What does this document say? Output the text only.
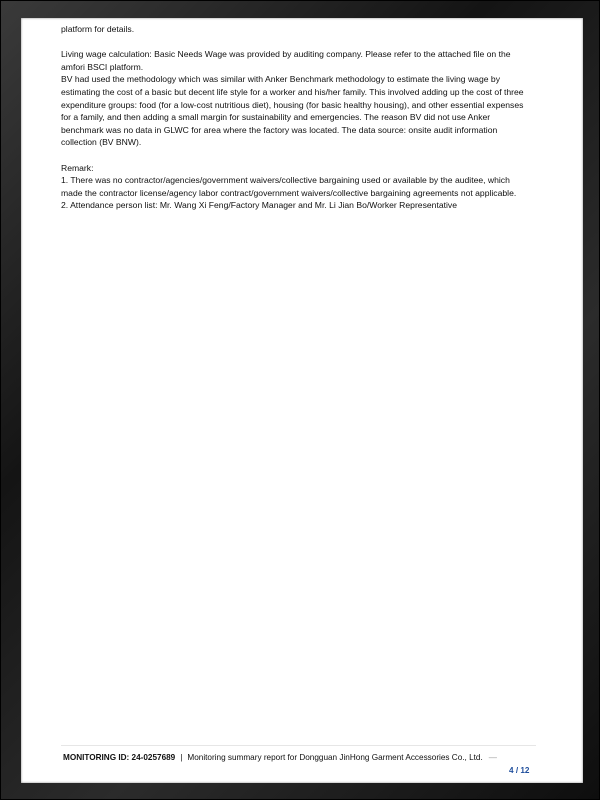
platform for details.

Living wage calculation: Basic Needs Wage was provided by auditing company. Please refer to the attached file on the

amfori BSCI platform.

BV had used the methodology which was similar with Anker Benchmark methodology to estimate the living wage by

estimating the cost of a basic but decent life style for a worker and his/her family. This involved adding up the cost of three

expenditure groups: food (for a low-cost nutritious diet), housing (for basic healthy housing), and other essential expenses

for a family, and then adding a small margin for sustainability and emergencies. The reason BV did not use Anker

benchmark was no data in GLWC for area where the factory was located. The data source: onsite audit information

collection (BV BNW).

Remark:

1. There was no contractor/agencies/government waivers/collective bargaining used or available by the auditee, which

made the contractor license/agency labor contract/government waivers/collective bargaining agreements not applicable.

2. Attendance person list: Mr. Wang Xi Feng/Factory Manager and Mr. Li Jian Bo/Worker Representative

MONITORING ID: 24-0257689 | Monitoring summary report for Dongguan JinHong Garment Accessories Co., Ltd. —
4 / 12
